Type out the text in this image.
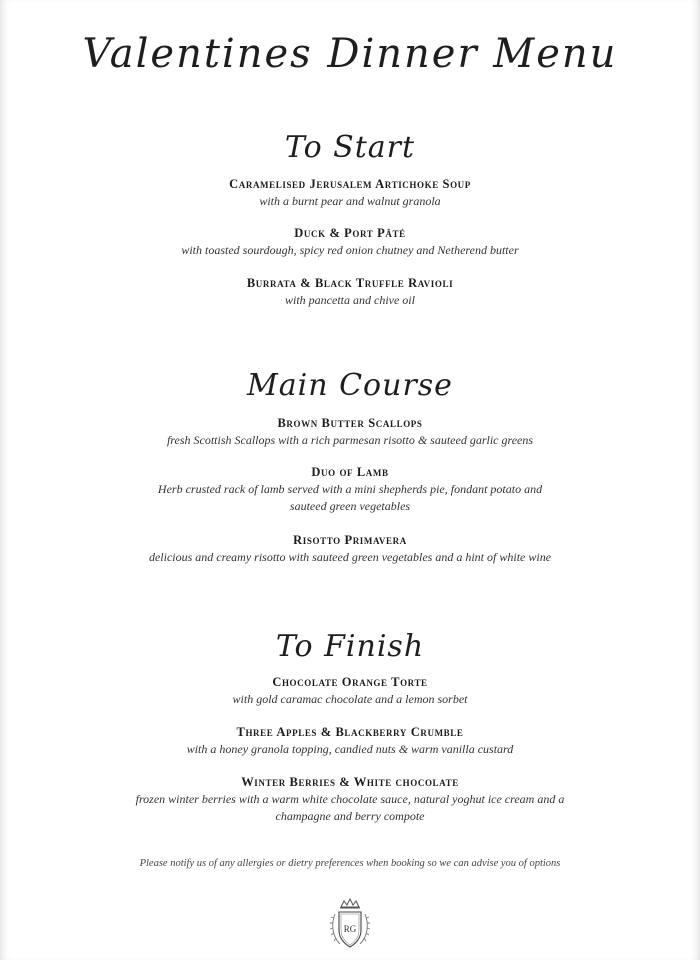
Valentines Dinner Menu
To Start
Caramelised Jerusalem Artichoke Soup
with a burnt pear and walnut granola
Duck & Port Pâté
with toasted sourdough, spicy red onion chutney and Netherend butter
Burrata & Black Truffle Ravioli
with pancetta and chive oil
Main Course
Brown Butter Scallops
fresh Scottish Scallops with a rich parmesan risotto & sauteed garlic greens
Duo of Lamb
Herb crusted rack of lamb served with a mini shepherds pie, fondant potato and sauteed green vegetables
Risotto Primavera
delicious and creamy risotto with sauteed green vegetables and a hint of white wine
To Finish
Chocolate Orange Torte
with gold caramac chocolate and a lemon sorbet
Three Apples & Blackberry Crumble
with a honey granola topping, candied nuts & warm vanilla custard
Winter Berries & White chocolate
frozen winter berries with a warm white chocolate sauce, natural yoghut ice cream and a champagne and berry compote
Please notify us of any allergies or dietry preferences when booking so we can advise you of options
RG
